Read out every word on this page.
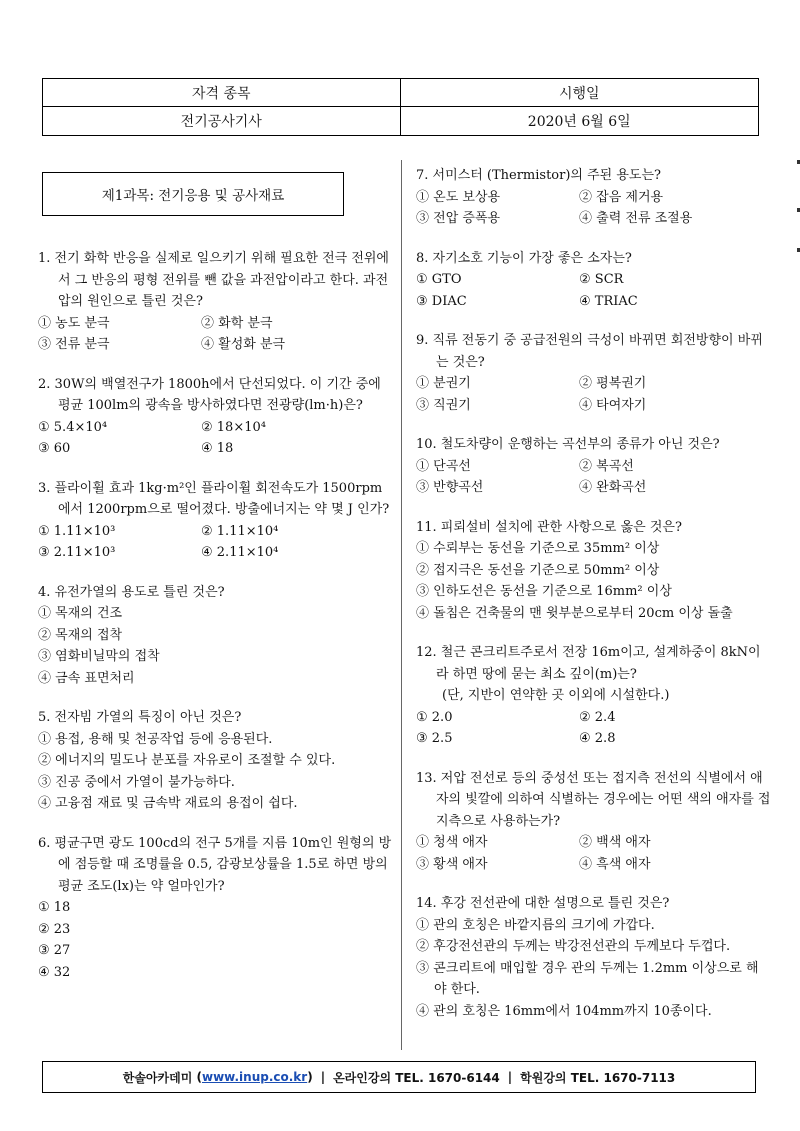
자격 종목	시행일
전기공사기사	2020년 6월 6일
제1과목: 전기응용 및 공사재료
1. 전기 화학 반응을 실제로 일으키기 위해 필요한 전극 전위에서 그 반응의 평형 전위를 뺀 값을 과전압이라고 한다. 과전압의 원인으로 틀린 것은?
① 농도 분극	② 화학 분극
③ 전류 분극	④ 활성화 분극
2. 30W의 백열전구가 1800h에서 단선되었다. 이 기간 중에 평균 100lm의 광속을 방사하였다면 전광량(lm·h)은?
① 5.4×10⁴	② 18×10⁴
③ 60	④ 18
3. 플라이휠 효과 1kg·m²인 플라이휠 회전속도가 1500rpm에서 1200rpm으로 떨어졌다. 방출에너지는 약 몇 J 인가?
① 1.11×10³	② 1.11×10⁴
③ 2.11×10³	④ 2.11×10⁴
4. 유전가열의 용도로 틀린 것은?
① 목재의 건조
② 목재의 접착
③ 염화비닐막의 접착
④ 금속 표면처리
5. 전자빔 가열의 특징이 아닌 것은?
① 용접, 용해 및 천공작업 등에 응용된다.
② 에너지의 밀도나 분포를 자유로이 조절할 수 있다.
③ 진공 중에서 가열이 불가능하다.
④ 고융점 재료 및 금속박 재료의 용접이 쉽다.
6. 평균구면 광도 100cd의 전구 5개를 지름 10m인 원형의 방에 점등할 때 조명률을 0.5, 감광보상률을 1.5로 하면 방의 평균 조도(lx)는 약 얼마인가?
① 18
② 23
③ 27
④ 32
7. 서미스터 (Thermistor)의 주된 용도는?
① 온도 보상용	② 잡음 제거용
③ 전압 증폭용	④ 출력 전류 조절용
8. 자기소호 기능이 가장 좋은 소자는?
① GTO	② SCR
③ DIAC	④ TRIAC
9. 직류 전동기 중 공급전원의 극성이 바뀌면 회전방향이 바뀌는 것은?
① 분권기	② 평복권기
③ 직권기	④ 타여자기
10. 철도차량이 운행하는 곡선부의 종류가 아닌 것은?
① 단곡선	② 복곡선
③ 반향곡선	④ 완화곡선
11. 피뢰설비 설치에 관한 사항으로 옳은 것은?
① 수뢰부는 동선을 기준으로 35mm² 이상
② 접지극은 동선을 기준으로 50mm² 이상
③ 인하도선은 동선을 기준으로 16mm² 이상
④ 돌침은 건축물의 맨 윗부분으로부터 20cm 이상 돌출
12. 철근 콘크리트주로서 전장 16m이고, 설계하중이 8kN이라 하면 땅에 묻는 최소 깊이(m)는?
(단, 지반이 연약한 곳 이외에 시설한다.)
① 2.0	② 2.4
③ 2.5	④ 2.8
13. 저압 전선로 등의 중성선 또는 접지측 전선의 식별에서 애자의 빛깔에 의하여 식별하는 경우에는 어떤 색의 애자를 접지측으로 사용하는가?
① 청색 애자	② 백색 애자
③ 황색 애자	④ 흑색 애자
14. 후강 전선관에 대한 설명으로 틀린 것은?
① 관의 호칭은 바깥지름의 크기에 가깝다.
② 후강전선관의 두께는 박강전선관의 두께보다 두껍다.
③ 콘크리트에 매입할 경우 관의 두께는 1.2mm 이상으로 해야 한다.
④ 관의 호칭은 16mm에서 104mm까지 10종이다.
한솔아카데미 ( www.inup.co.kr ) | 온라인강의 TEL. 1670-6144 | 학원강의 TEL. 1670-7113
